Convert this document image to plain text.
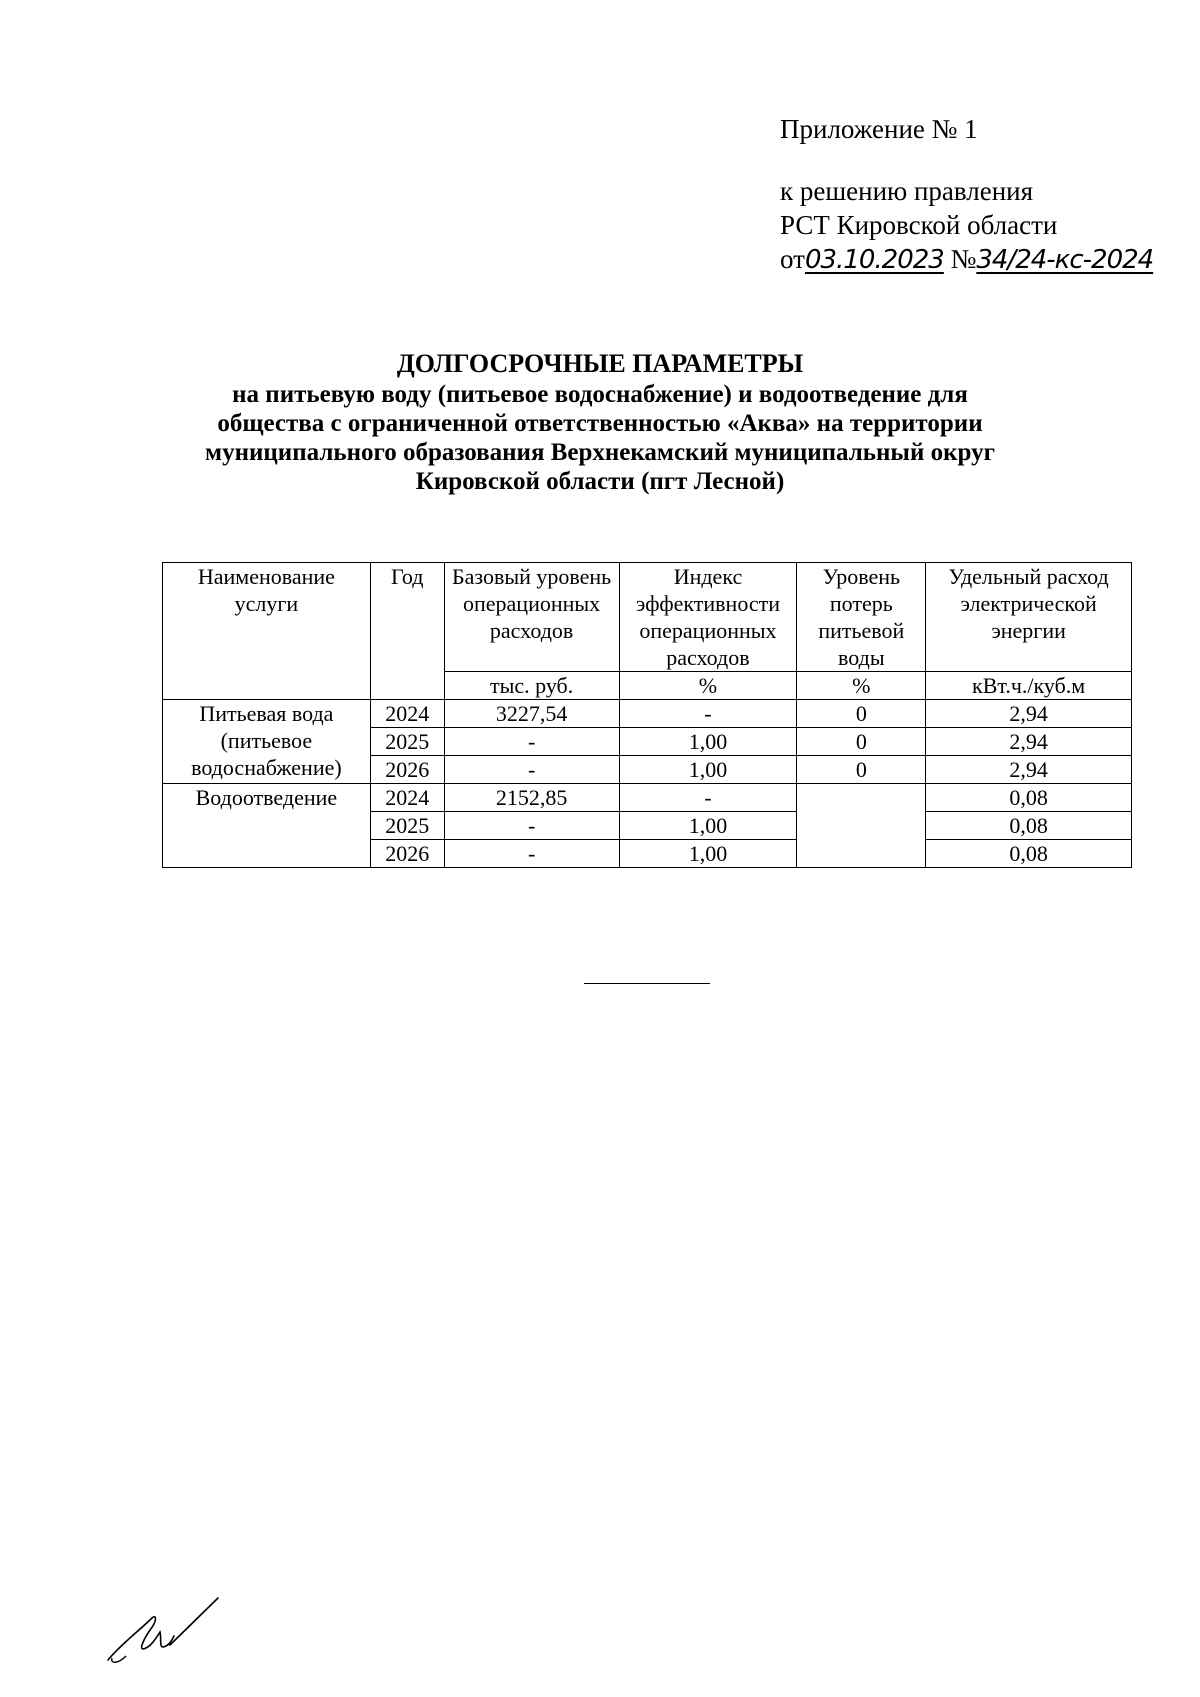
Приложение № 1
к решению правления
РСТ Кировской области
от03.10.2023 №34/24-кс-2024
ДОЛГОСРОЧНЫЕ ПАРАМЕТРЫ
на питьевую воду (питьевое водоснабжение) и водоотведение для
общества с ограниченной ответственностью «Аква» на территории
муниципального образования Верхнекамский муниципальный округ
Кировской области (пгт Лесной)
Наименование услуги	Год	Базовый уровень операционных расходов	Индекс эффективности операционных расходов	Уровень потерь питьевой воды	Удельный расход электрической энергии
		тыс. руб.	%	%	кВт.ч./куб.м
Питьевая вода (питьевое водоснабжение)	2024	3227,54	-	0	2,94
	2025	-	1,00	0	2,94
	2026	-	1,00	0	2,94
Водоотведение	2024	2152,85	-		0,08
	2025	-	1,00		0,08
	2026	-	1,00		0,08
